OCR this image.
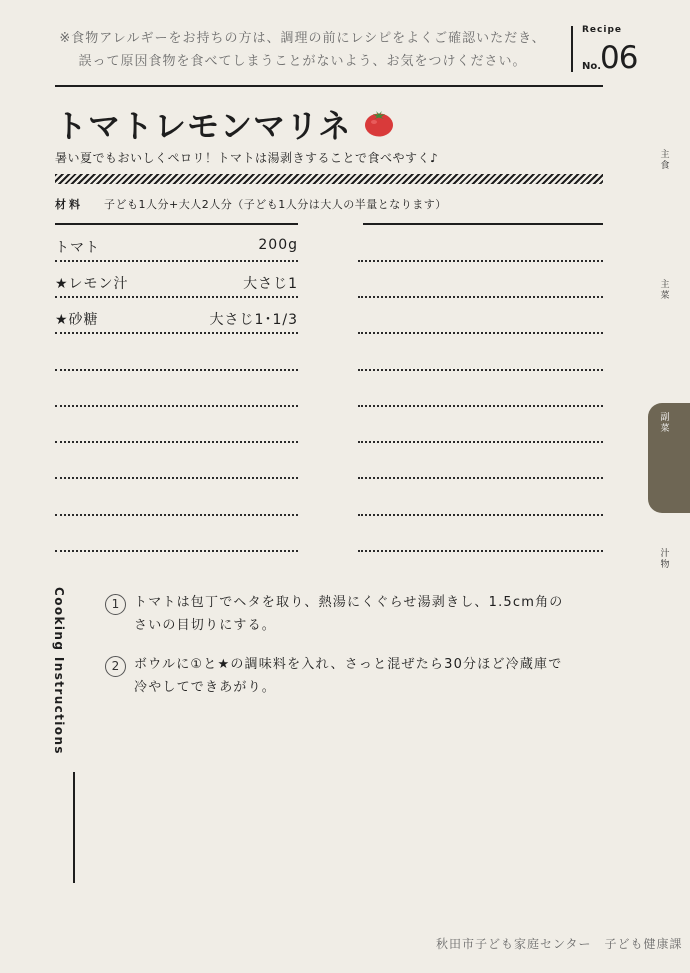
※食物アレルギーをお持ちの方は、調理の前にレシピをよくご確認いただき、
誤って原因食物を食べてしまうことがないよう、お気をつけください。
Recipe
No.
06
トマトレモンマリネ
暑い夏でもおいしくペロリ！トマトは湯剥きすることで食べやすく♪
材料 子ども1人分+大人2人分（子ども1人分は大人の半量となります）
トマト	200g
★レモン汁	大さじ1
★砂糖	大さじ1･1/3
Cooking Instructions	1	トマトは包丁でヘタを取り、熱湯にくぐらせ湯剥きし、1.5cm角の
さいの目切りにする。
2	ボウルに①と★の調味料を入れ、さっと混ぜたら30分ほど冷蔵庫で
冷やしてできあがり。
主食
主菜
副菜
汁物
秋田市子ども家庭センター　子ども健康課
